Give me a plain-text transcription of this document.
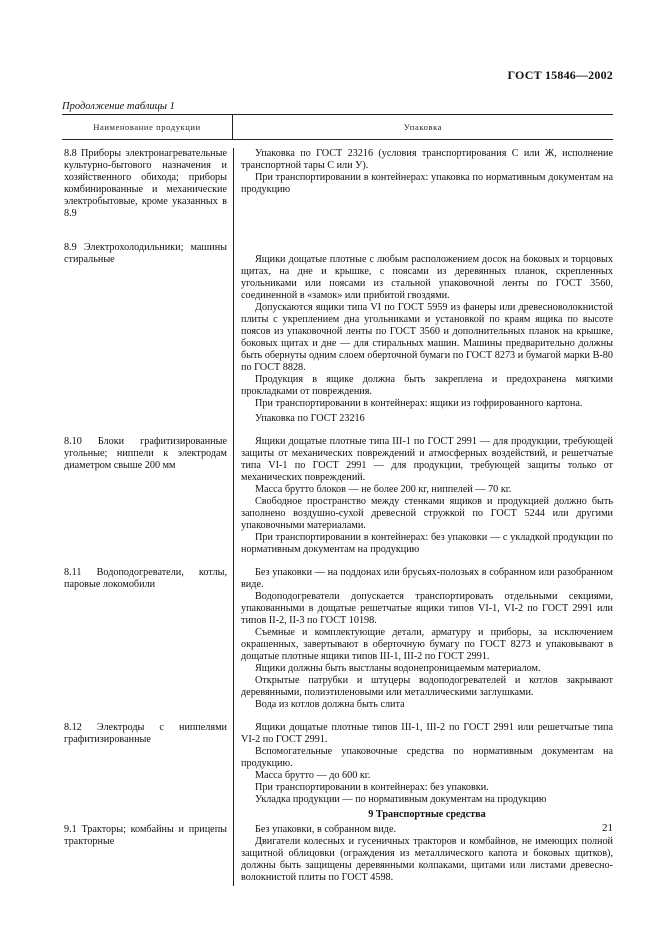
ГОСТ 15846—2002
Продолжение таблицы 1
Наименование продукции	Упаковка
8.8 Приборы электронагревательные культурно-бытового назначения и хозяйственного обихода; приборы комбинированные и механические электробытовые, кроме указанных в 8.9

Упаковка по ГОСТ 23216 (условия транспортирования С или Ж, исполнение транспортной тары С или У).

При транспортировании в контейнерах: упаковка по нормативным документам на продукцию

8.9 Электрохолодильники; машины стиральные	Ящики дощатые плотные с любым расположением досок на боковых и торцовых щитах, на дне и крышке, с поясами из деревянных планок, скрепленных угольниками или поясами из стальной упаковочной ленты по ГОСТ 3560, соединенной в «замок» или прибитой гвоздями.

Допускаются ящики типа VI по ГОСТ 5959 из фанеры или древесноволокнистой плиты с укреплением дна угольниками и установкой по краям ящика по высоте поясов из упаковочной ленты по ГОСТ 3560 и дополнительных планок на крышке, боковых щитах и дне — для стиральных машин. Машины предварительно должны быть обернуты одним слоем оберточной бумаги по ГОСТ 8273 и бумагой марки В-80 по ГОСТ 8828.

Продукция в ящике должна быть закреплена и предохранена мягкими прокладками от повреждения.

При транспортировании в контейнерах: ящики из гофрированного картона.

Упаковка по ГОСТ 23216

8.10 Блоки графитизированные угольные; ниппели к электродам диаметром свыше 200 мм

Ящики дощатые плотные типа III-1 по ГОСТ 2991 — для продукции, требующей защиты от механических повреждений и атмосферных воздействий, и решетчатые типа VI-1 по ГОСТ 2991 — для продукции, требующей защиты только от механических повреждений.

Масса брутто блоков — не более 200 кг, ниппелей — 70 кг.

Свободное пространство между стенками ящиков и продукцией должно быть заполнено воздушно-сухой древесной стружкой по ГОСТ 5244 или другими упаковочными материалами.

При транспортировании в контейнерах: без упаковки — с укладкой продукции по нормативным документам на продукцию

8.11 Водоподогреватели, котлы, паровые локомобили

Без упаковки — на поддонах или брусьях-полозьях в собранном или разобранном виде.

Водоподогреватели допускается транспортировать отдельными секциями, упакованными в дощатые решетчатые ящики типов VI-1, VI-2 по ГОСТ 2991 или типов II-2, II-3 по ГОСТ 10198.

Съемные и комплектующие детали, арматуру и приборы, за исключением окрашенных, завертывают в оберточную бумагу по ГОСТ 8273 и упаковывают в дощатые плотные ящики типов III-1, III-2 по ГОСТ 2991.

Ящики должны быть выстланы водонепроницаемым материалом.

Открытые патрубки и штуцеры водоподогревателей и котлов закрывают деревянными, полиэтиленовыми или металлическими заглушками.

Вода из котлов должна быть слита

8.12 Электроды с ниппелями графитизированные

Ящики дощатые плотные типов III-1, III-2 по ГОСТ 2991 или решетчатые типа VI-2 по ГОСТ 2991.

Вспомогательные упаковочные средства по нормативным документам на продукцию.

Масса брутто — до 600 кг.

При транспортировании в контейнерах: без упаковки.

Укладка продукции — по нормативным документам на продукцию

9 Транспортные средства
9.1 Тракторы; комбайны и прицепы тракторные

Без упаковки, в собранном виде.

Двигатели колесных и гусеничных тракторов и комбайнов, не имеющих полной защитной облицовки (ограждения из металлического капота и боковых щитков), должны быть защищены деревянными колпаками, щитами или листами древесно-волокнистой плиты по ГОСТ 4598.

21
